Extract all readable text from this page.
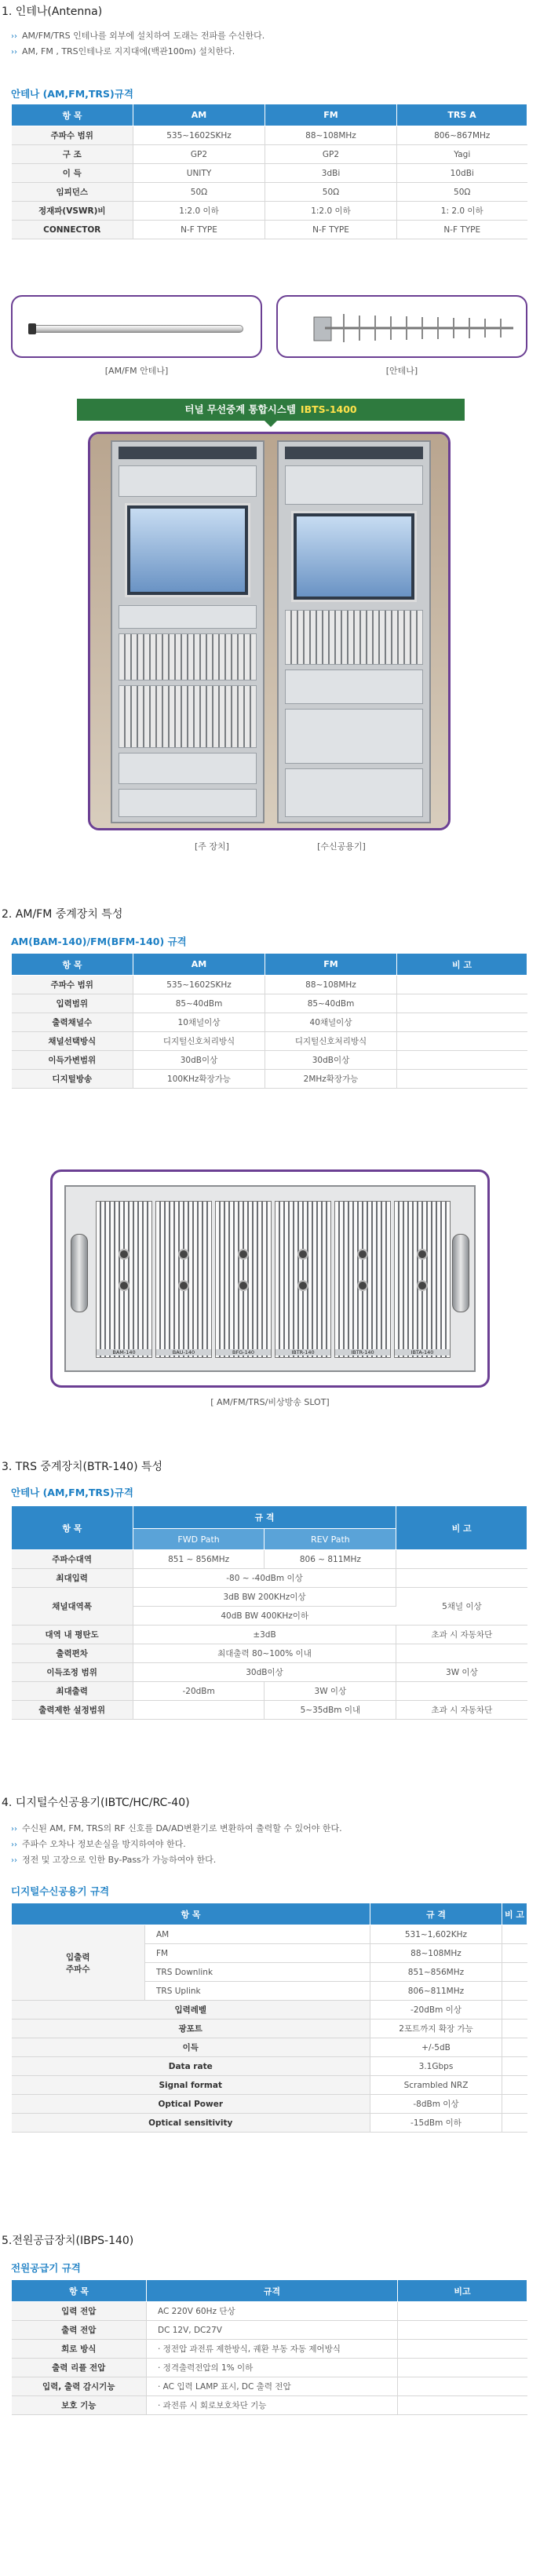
1. 인테나(Antenna)
›› AM/FM/TRS 인테나를 외부에 설치하여 도래는 전파를 수신한다.
›› AM, FM , TRS인테나로 지지대에(백관100m) 설치한다.
안테나 (AM,FM,TRS)규격
항 목	AM	FM	TRS A
주파수 범위	535~1602SKHz	88~108MHz	806~867MHz
구 조	GP2	GP2	Yagi
이 득	UNITY	3dBi	10dBi
임피던스	50Ω	50Ω	50Ω
정재파(VSWR)비	1:2.0 이하	1:2.0 이하	1: 2.0 이하
CONNECTOR	N-F TYPE	N-F TYPE	N-F TYPE
[AM/FM 안테나]	[안테나]
터널 무선중계 통합시스템 IBTS-1400
[주 장치]	[수신공용기]
2. AM/FM 중계장치 특성
AM(BAM-140)/FM(BFM-140) 규격
항 목	AM	FM	비 고
주파수 범위	535~1602SKHz	88~108MHz	
입력범위	85~40dBm	85~40dBm	
출력채널수	10채널이상	40채널이상	
채널선택방식	디지털신호처리방식	디지털신호처리방식	
이득가변범위	30dB이상	30dB이상	
디지털방송	100KHz확장가능	2MHz확장가능	
BAM-140	BAU-140	BFG-140	IBTR-140	IBTR-140	IBTA-140
[ AM/FM/TRS/비상방송 SLOT]
3. TRS 중계장치(BTR-140) 특성
안테나 (AM,FM,TRS)규격
항 목	규 격		비 고
	FWD Path	REV Path	
주파수대역	851 ~ 856MHz	806 ~ 811MHz	
최대입력	-80 ~ -40dBm 이상		
채널대역폭	3dB BW 200KHz이상		5채널 이상
	40dB BW 400KHz이하		
대역 내 평탄도	±3dB		초과 시 자동차단
출력편차	최대출력 80~100% 이내		
이득조정 범위	30dB이상		3W 이상
최대출력	-20dBm	3W 이상	
출력제한 설정범위		5~35dBm 이내	초과 시 자동차단
4. 디지털수신공용기(IBTC/HC/RC-40)
›› 수신된 AM, FM, TRS의 RF 신호를 DA/AD변환기로 변환하여 출력할 수 있어야 한다.
›› 주파수 오차나 정보손실을 방지하여야 한다.
›› 정전 및 고장으로 인한 By-Pass가 가능하여야 한다.
디지털수신공용기 규격
항 목		규 격	비 고

입출력
주파수	AM	531~1,602KHz	
	FM	88~108MHz	
	TRS Downlink	851~856MHz	
	TRS Uplink	806~811MHz	
입력레벨		-20dBm 이상	
광포트		2포트까지 확장 가능	
이득		+/-5dB	
Data rate		3.1Gbps	
Signal format		Scrambled NRZ	
Optical Power		-8dBm 이상	
Optical sensitivity		-15dBm 이하	
5.전원공급장치(IBPS-140)
전원공급기 규격
항 목	규격	비고
입력 전압	AC 220V 60Hz 단상	
출력 전압	DC 12V, DC27V	
회로 방식	· 정전압 과전류 제한방식, 궤환 부동 자동 제어방식	
출력 리플 전압	· 정격출력전압의 1% 이하	
입력, 출력 감시기능	· AC 입력 LAMP 표시, DC 출력 전압	
보호 기능	· 과전류 시 회로보호차단 기능	
